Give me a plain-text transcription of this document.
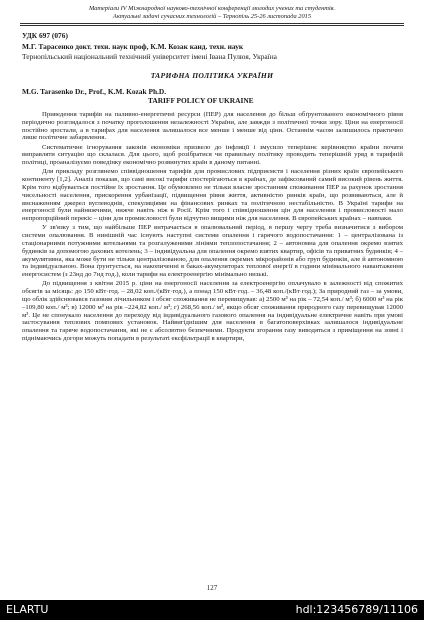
Матеріали IV Міжнародної науково-технічної конференції молодих учених та студентів.
Актуальні задачі сучасних технологій – Тернопіль 25-26 листопада 2015
УДК 697 (076)
М.Г. Тарасенко докт. техн. наук проф, К.М. Козак канд. техн. наук
Тернопільський національний технічний університет імені Івана Пулюя, Україна
ТАРИФНА ПОЛІТИКА УКРАЇНИ
M.G. Tarasenko Dr., Prof., K.M. Kozak Ph.D.
TARIFF POLICY OF UKRAINE

Приведення тарифів на паливно-енергетичні ресурси (ПЕР) для населення до більш обґрунтованого економічного рівня періодично розглядалося з початку проголошення незалежності України, але завжди з політичної точки зору. Ціни на енергоносії постійно зростали, а в тарифах для населення залишалося все менше і менше від ціни. Останнім часом залишилось практично лише політичне забарвлення.

Систематичне ігнорування законів економіки призвело до інфляції і змусило теперішнє керівництво країни почати виправляти ситуацію що склалася. Для цього, щоб розібратися чи правильну політику проводить теперішній уряд в тарифній політиці, проаналізуємо поведінку економічно розвинутих країн в даному питанні.

Для прикладу розглянемо співвідношення тарифів для промислових підприємств і населення різних країн європейського континенту [1,2]. Аналіз показав, що самі високі тарифи спостерігаються в країнах, де зафіксований самий високий рівень життя. Крім того відбувається постійне їх зростання. Це обумовлено не тільки власне зростанням споживання ПЕР за рахунок зростання чисельності населення, прискорення урбанізації, підвищення рівня життя, активністю ринків країн, що розвиваються, але й виснаженням джерел вуглеводнів, спекуляціями на фінансових ринках та політичною нестабільністю. В Україні тарифи на енергоносії були найнижчими, нижче навіть ніж в Росії. Крім того і співвідношення цін для населення і промисловості мало непропорційний перекіс – ціни для промисловості були відчутно вищими ніж для населення. В європейських країнах – навпаки.

У зв'язку з тим, що найбільше ПЕР витрачається в опалювальний період, в першу чергу треба визначитися з вибором системи опалювання. В нинішній час існують наступні системи опалення і гарячого водопостачання: 1 – централізована із стаціонарними потужними котельнями та розгалуженими лініями теплопостачання; 2 – автономна для опалення окремо взятих будинків за допомогою дахових котелень; 3 – індивідуальна для опалення окремо взятих квартир, офісів та приватних будинків; 4 – акумулятивна, яка може бути не тільки централізованою, для опалення окремих мікрорайонів або груп будинків, але й автономною та індивідуальною. Вона ґрунтується, на накопиченні в баках-акумуляторах теплової енергії в години мінімального навантаження енергосистем (з 23нд до 7нд год.), коли тарифи на електроенергію мінімально низькі.

До підвищення з квітня 2015 р. ціни на енергоносії населення за електроенергію оплачувало в залежності від спожитих обсягів за місяць: до 150 кВт·год. – 28,02 коп./(кВт·год.), а понад 150 кВт·год. – 36,48 коп./(кВт·год.); За природний газ – за умови, що облік здійснювався газовим лічильником і обсяг споживання не перевищував: а) 2500 м³ на рік – 72,54 коп./ м³; б) 6000 м³ на рік –109,80 коп./ м³; в) 12000 м³ на рік –224,82 коп./ м³; г) 268,56 коп./ м³, якщо обсяг споживання природного газу перевищував 12000 м³. Це не спонукало населення до переходу від індивідуального газового опалення на індивідуальне електричне навіть при умові застосування теплових помпових установок. Найвигіднішим для населення в багатоповерхівках залишалося індивідуальне опалення та гаряче водопостачання, які не є абсолютно безпечними. Продукти згорання газу виводяться з приміщення на зовні і піднімаючись догори можуть попадати в результаті ексфільтрації в квартири,

127
ELARTU	hdl:123456789/11106
